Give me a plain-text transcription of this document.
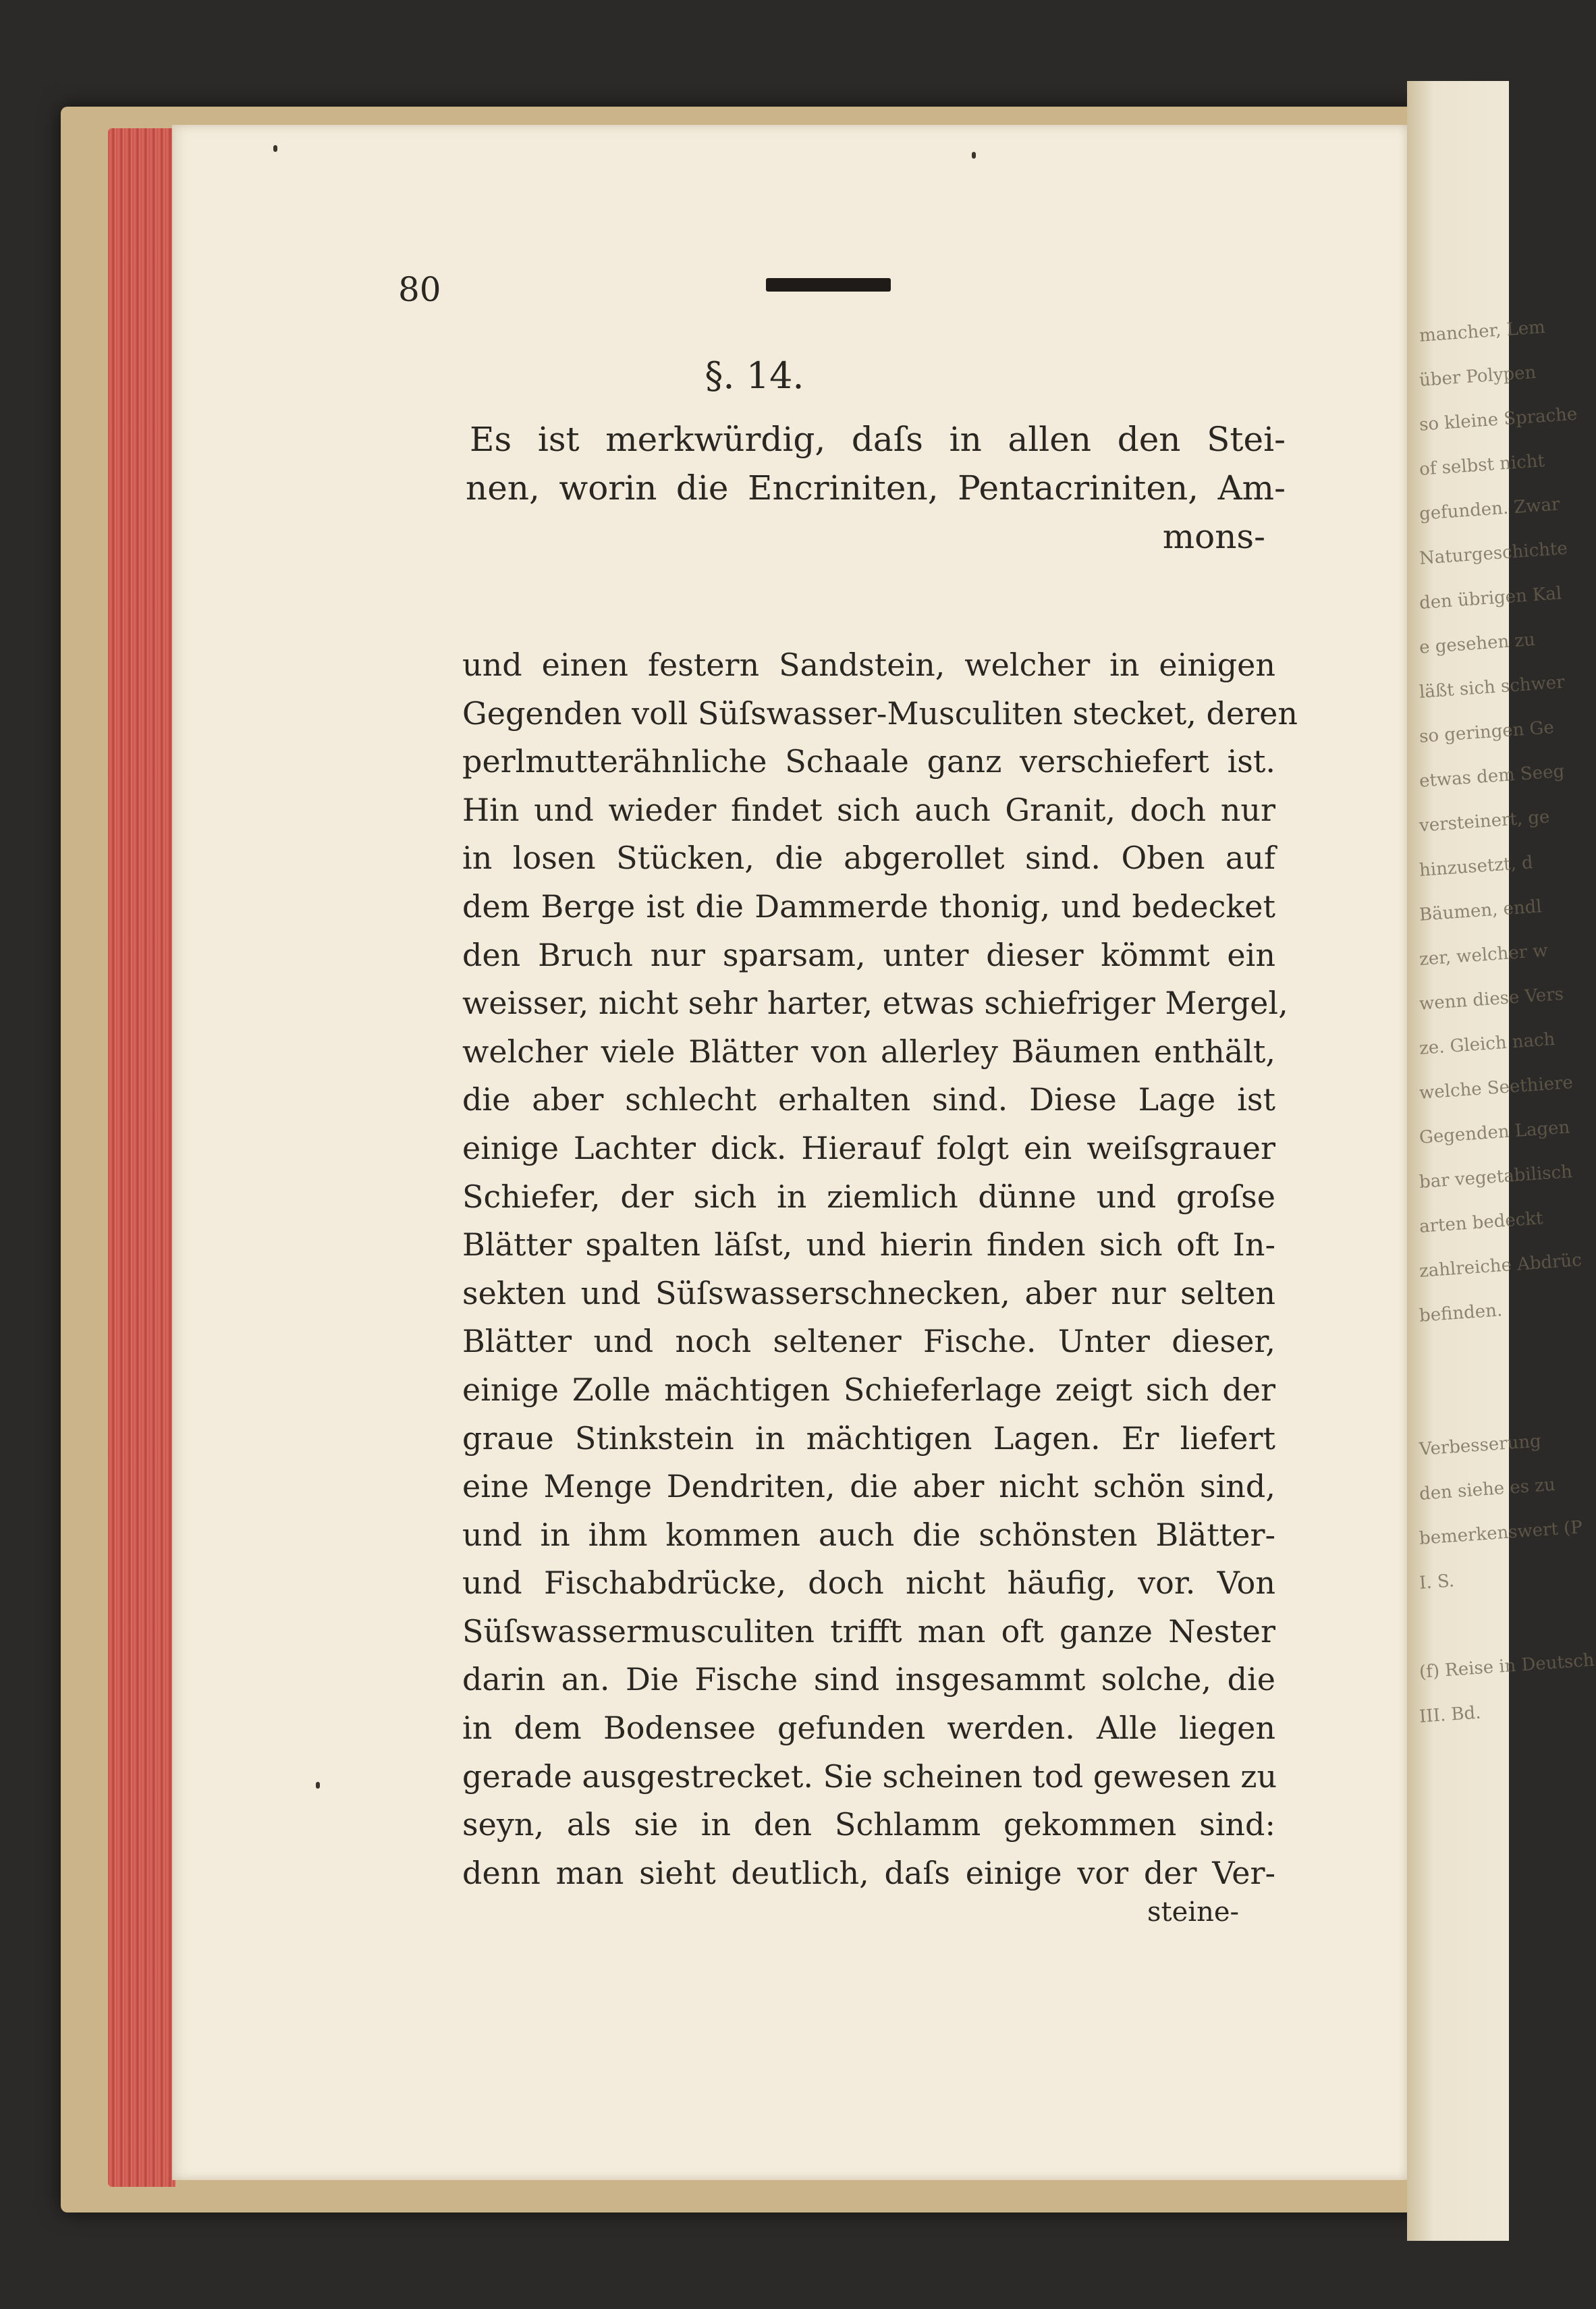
mancher, Lem
über Polypen
so kleine Sprache
of selbst nicht
gefunden. Zwar
Naturgeschichte
den übrigen Kal
e gesehen zu
läßt sich schwer
so geringen Ge
etwas dem Seeg
versteinert, ge
hinzusetzt, d
Bäumen, endl
zer, welcher w
wenn diese Vers
ze. Gleich nach
welche Seethiere
Gegenden Lagen
bar vegetabilisch
arten bedeckt
zahlreiche Abdrüc
befinden.
Verbesserung
den siehe es zu
bemerkenswert (P
I. S.
(f) Reise in Deutsch
III. Bd.

80

§. 14.

Es ist merkwürdig, daſs in allen den Stei-
nen, worin die Encriniten, Pentacriniten, Am-
mons-
und einen festern Sandstein, welcher in einigen
Gegenden voll Süſswasser-Musculiten stecket, deren
perlmutterähnliche Schaale ganz verschiefert ist.
Hin und wieder findet sich auch Granit, doch nur
in losen Stücken, die abgerollet sind. Oben auf
dem Berge ist die Dammerde thonig, und bedecket
den Bruch nur sparsam, unter dieser kömmt ein
weisser, nicht sehr harter, etwas schiefriger Mergel,
welcher viele Blätter von allerley Bäumen enthält,
die aber schlecht erhalten sind. Diese Lage ist
einige Lachter dick. Hierauf folgt ein weiſsgrauer
Schiefer, der sich in ziemlich dünne und groſse
Blätter spalten läſst, und hierin finden sich oft In-
sekten und Süſswasserschnecken, aber nur selten
Blätter und noch seltener Fische. Unter dieser,
einige Zolle mächtigen Schieferlage zeigt sich der
graue Stinkstein in mächtigen Lagen. Er liefert
eine Menge Dendriten, die aber nicht schön sind,
und in ihm kommen auch die schönsten Blätter-
und Fischabdrücke, doch nicht häufig, vor. Von
Süſswassermusculiten trifft man oft ganze Nester
darin an. Die Fische sind insgesammt solche, die
in dem Bodensee gefunden werden. Alle liegen
gerade ausgestrecket. Sie scheinen tod gewesen zu
seyn, als sie in den Schlamm gekommen sind:
denn man sieht deutlich, daſs einige vor der Ver-
steine-
